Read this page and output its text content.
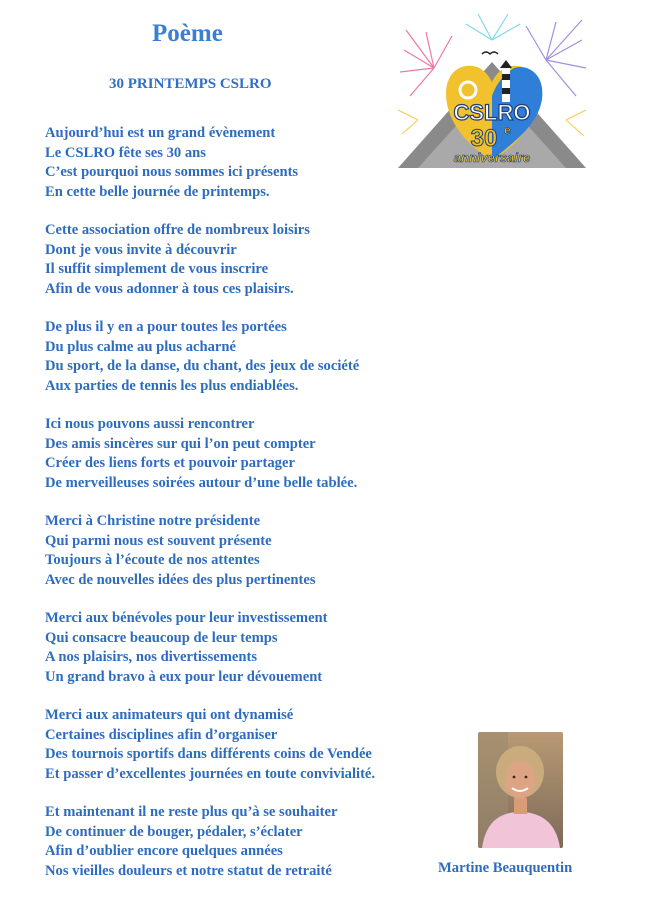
Poème
30 PRINTEMPS CSLRO
CSLRO
30 e
anniversaire

Aujourd’hui est un grand évènement
Le CSLRO fête ses 30 ans
C’est pourquoi nous sommes ici présents
En cette belle journée de printemps.

Cette association offre de nombreux loisirs
Dont je vous invite à découvrir
Il suffit simplement de vous inscrire
Afin de vous adonner à tous ces plaisirs.

De plus il y en a pour toutes les portées
Du plus calme au plus acharné
Du sport, de la danse, du chant, des jeux de société
Aux parties de tennis les plus endiablées.

Ici nous pouvons aussi rencontrer
Des amis sincères sur qui l’on peut compter
Créer des liens forts et pouvoir partager
De merveilleuses soirées autour d’une belle tablée.

Merci à Christine notre présidente
Qui parmi nous est souvent présente
Toujours à l’écoute de nos attentes
Avec de nouvelles idées des plus pertinentes

Merci aux bénévoles pour leur investissement
Qui consacre beaucoup de leur temps
A nos plaisirs, nos divertissements
Un grand bravo à eux pour leur dévouement

Merci aux animateurs qui ont dynamisé
Certaines disciplines afin d’organiser
Des tournois sportifs dans différents coins de Vendée
Et passer d’excellentes journées en toute convivialité.

Et maintenant il ne reste plus qu’à se souhaiter
De continuer de bouger, pédaler, s’éclater
Afin d’oublier encore quelques années
Nos vieilles douleurs et notre statut de retraité	Martine Beauquentin
